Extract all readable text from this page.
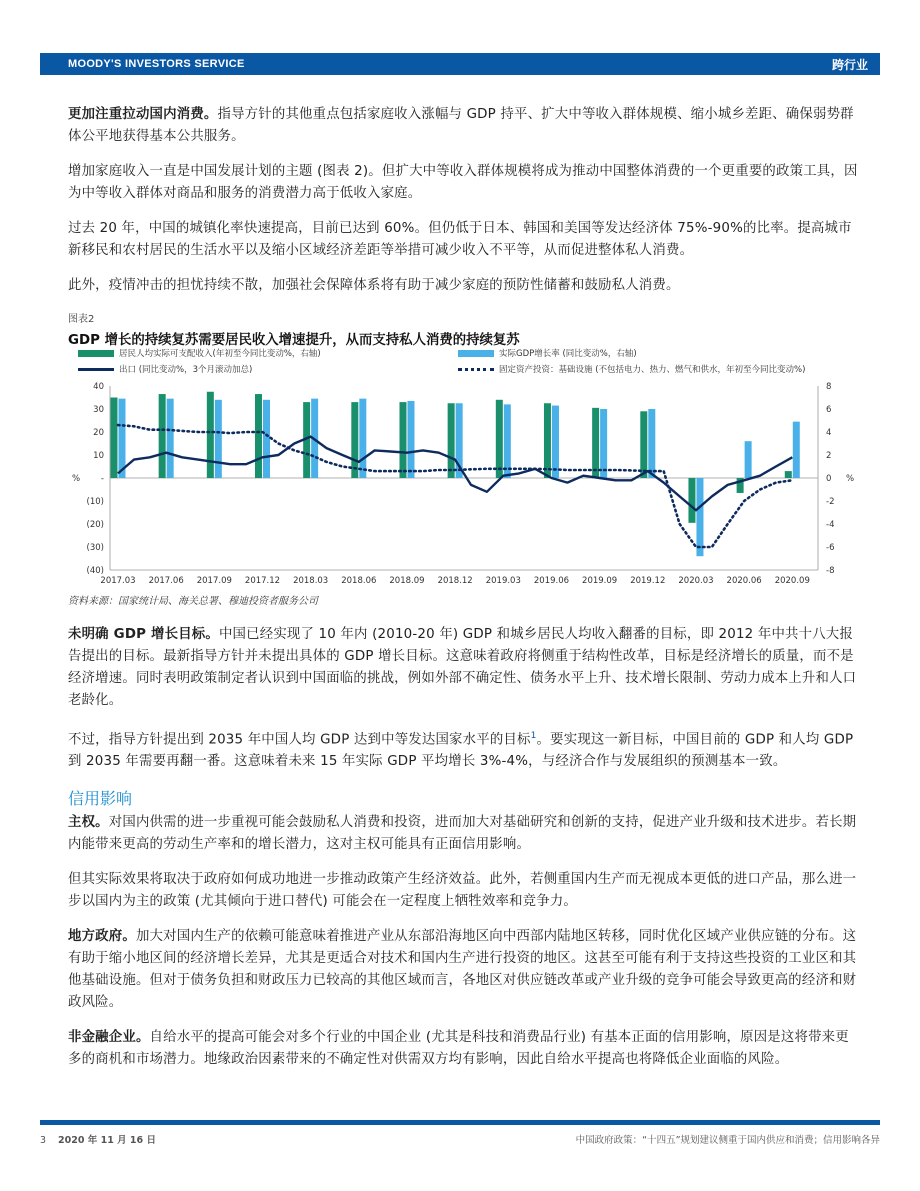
MOODY'S INVESTORS SERVICE	跨行业

更加注重拉动国内消费。指导方针的其他重点包括家庭收入涨幅与 GDP 持平、扩大中等收入群体规模、缩小城乡差距、确保弱势群体公平地获得基本公共服务。

增加家庭收入一直是中国发展计划的主题 (图表 2)。但扩大中等收入群体规模将成为推动中国整体消费的一个更重要的政策工具，因为中等收入群体对商品和服务的消费潜力高于低收入家庭。

过去 20 年，中国的城镇化率快速提高，目前已达到 60%。但仍低于日本、韩国和美国等发达经济体 75%-90%的比率。提高城市新移民和农村居民的生活水平以及缩小区域经济差距等举措可减少收入不平等，从而促进整体私人消费。

此外，疫情冲击的担忧持续不散，加强社会保障体系将有助于减少家庭的预防性储蓄和鼓励私人消费。

图表2
GDP 增长的持续复苏需要居民收入增速提升，从而支持私人消费的持续复苏
居民人均实际可支配收入(年初至今同比变动%，右轴)	实际GDP增长率 (同比变动%，右轴)
出口 (同比变动%，3个月滚动加总)	固定资产投资：基础设施 (不包括电力、热力、燃气和供水，年初至今同比变动%)
40
30
20
10
-
(10)
(20)
(30)
(40)
8
6
4
2
0
-2
-4
-6
-8
%	%
2017.03 2017.06 2017.09 2017.12 2018.03 2018.06 2018.09 2018.12 2019.03 2019.06 2019.09 2019.12 2020.03 2020.06 2020.09
资料来源：国家统计局、海关总署、穆迪投资者服务公司

未明确 GDP 增长目标。中国已经实现了 10 年内 (2010-20 年) GDP 和城乡居民人均收入翻番的目标，即 2012 年中共十八大报告提出的目标。最新指导方针并未提出具体的 GDP 增长目标。这意味着政府将侧重于结构性改革，目标是经济增长的质量，而不是经济增速。同时表明政策制定者认识到中国面临的挑战，例如外部不确定性、债务水平上升、技术增长限制、劳动力成本上升和人口老龄化。

不过，指导方针提出到 2035 年中国人均 GDP 达到中等发达国家水平的目标$^1$。要实现这一新目标，中国目前的 GDP 和人均 GDP 到 2035 年需要再翻一番。这意味着未来 15 年实际 GDP 平均增长 3%-4%，与经济合作与发展组织的预测基本一致。

信用影响

主权。对国内供需的进一步重视可能会鼓励私人消费和投资，进而加大对基础研究和创新的支持，促进产业升级和技术进步。若长期内能带来更高的劳动生产率和的增长潜力，这对主权可能具有正面信用影响。

但其实际效果将取决于政府如何成功地进一步推动政策产生经济效益。此外，若侧重国内生产而无视成本更低的进口产品，那么进一步以国内为主的政策 (尤其倾向于进口替代) 可能会在一定程度上牺牲效率和竞争力。

地方政府。加大对国内生产的依赖可能意味着推进产业从东部沿海地区向中西部内陆地区转移，同时优化区域产业供应链的分布。这有助于缩小地区间的经济增长差异，尤其是更适合对技术和国内生产进行投资的地区。这甚至可能有利于支持这些投资的工业区和其他基础设施。但对于债务负担和财政压力已较高的其他区域而言，各地区对供应链改革或产业升级的竞争可能会导致更高的经济和财政风险。

非金融企业。自给水平的提高可能会对多个行业的中国企业 (尤其是科技和消费品行业) 有基本正面的信用影响，原因是这将带来更多的商机和市场潜力。地缘政治因素带来的不确定性对供需双方均有影响，因此自给水平提高也将降低企业面临的风险。

3 2020 年 11 月 16 日	中国政府政策：“十四五”规划建议侧重于国内供应和消费；信用影响各异
